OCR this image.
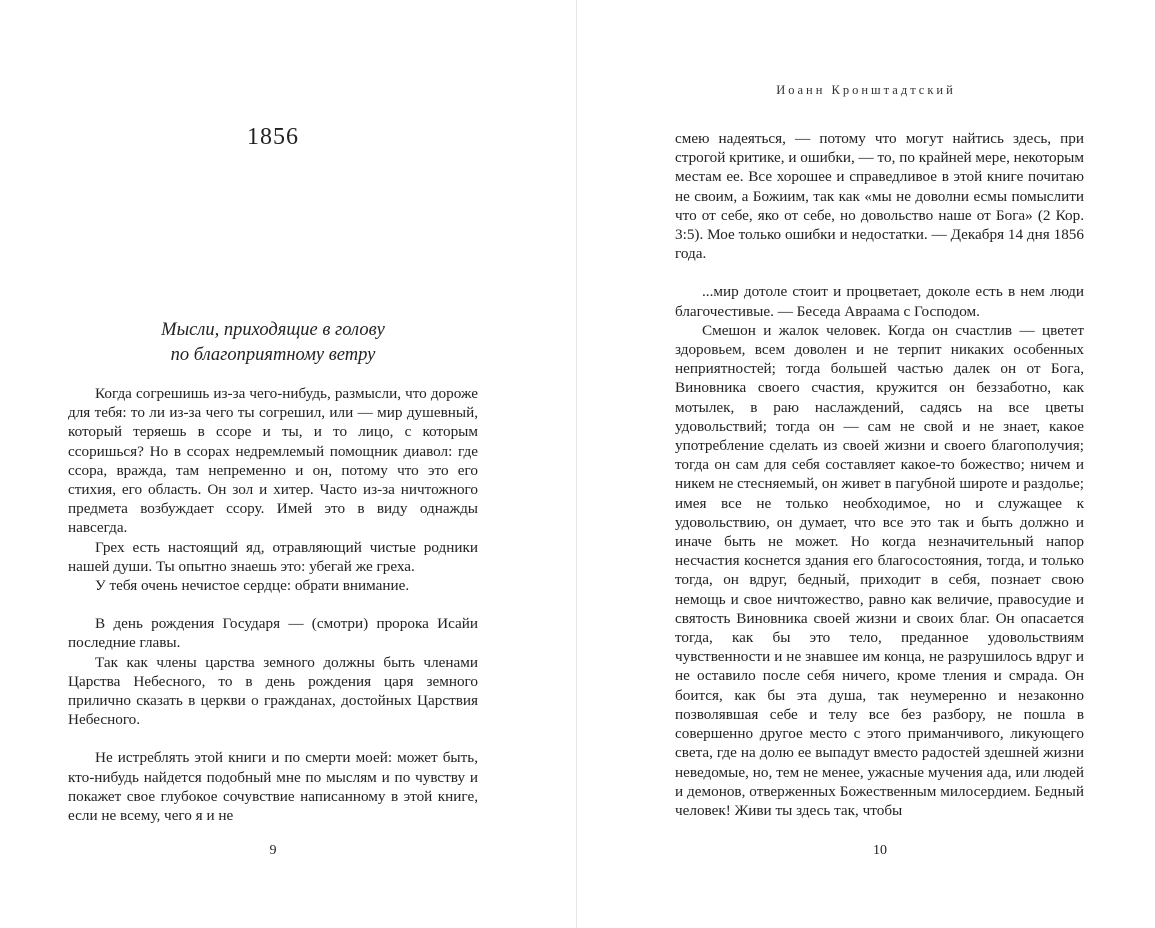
1856
Мысли, приходящие в голову
по благоприятному ветру

Когда согрешишь из-за чего-нибудь, размысли, что дороже для тебя: то ли из-за чего ты согрешил, или — мир душевный, который теряешь в ссоре и ты, и то лицо, с которым ссоришься? Но в ссорах недремлемый помощник диавол: где ссора, вражда, там непременно и он, потому что это его стихия, его область. Он зол и хитер. Часто из-за ничтожного предмета возбуждает ссору. Имей это в виду однажды навсегда.

Грех есть настоящий яд, отравляющий чистые родники нашей души. Ты опытно знаешь это: убегай же греха.

У тебя очень нечистое сердце: обрати внимание.

В день рождения Государя — (смотри) пророка Исайи последние главы.

Так как члены царства земного должны быть членами Царства Небесного, то в день рождения царя земного прилично сказать в церкви о гражданах, достойных Царствия Небесного.

Не истреблять этой книги и по смерти моей: может быть, кто-нибудь найдется подобный мне по мыслям и по чувству и покажет свое глубокое сочувствие написанному в этой книге, если не всему, чего я и не

9
Иоанн Кронштадтский

смею надеяться, — потому что могут найтись здесь, при строгой критике, и ошибки, — то, по крайней мере, некоторым местам ее. Все хорошее и справедливое в этой книге почитаю не своим, а Божиим, так как «мы не доволни есмы помыслити что от себе, яко от себе, но довольство наше от Бога» (2 Кор. 3:5). Мое только ошибки и недостатки. — Декабря 14 дня 1856 года.

...мир дотоле стоит и процветает, доколе есть в нем люди благочестивые. — Беседа Авраама с Господом.

Смешон и жалок человек. Когда он счастлив — цветет здоровьем, всем доволен и не терпит никаких особенных неприятностей; тогда большей частью далек он от Бога, Виновника своего счастия, кружится он беззаботно, как мотылек, в раю наслаждений, садясь на все цветы удовольствий; тогда он — сам не свой и не знает, какое употребление сделать из своей жизни и своего благополучия; тогда он сам для себя составляет какое-то божество; ничем и никем не стесняемый, он живет в пагубной широте и раздолье; имея все не только необходимое, но и служащее к удовольствию, он думает, что все это так и быть должно и иначе быть не может. Но когда незначительный напор несчастия коснется здания его благосостояния, тогда, и только тогда, он вдруг, бедный, приходит в себя, познает свою немощь и свое ничтожество, равно как величие, правосудие и святость Виновника своей жизни и своих благ. Он опасается тогда, как бы это тело, преданное удовольствиям чувственности и не знавшее им конца, не разрушилось вдруг и не оставило после себя ничего, кроме тления и смрада. Он боится, как бы эта душа, так неумеренно и незаконно позволявшая себе и телу все без разбору, не пошла в совершенно другое место с этого приманчивого, ликующего света, где на долю ее выпадут вместо радостей здешней жизни неведомые, но, тем не менее, ужасные мучения ада, или людей и демонов, отверженных Божественным милосердием. Бедный человек! Живи ты здесь так, чтобы

10
